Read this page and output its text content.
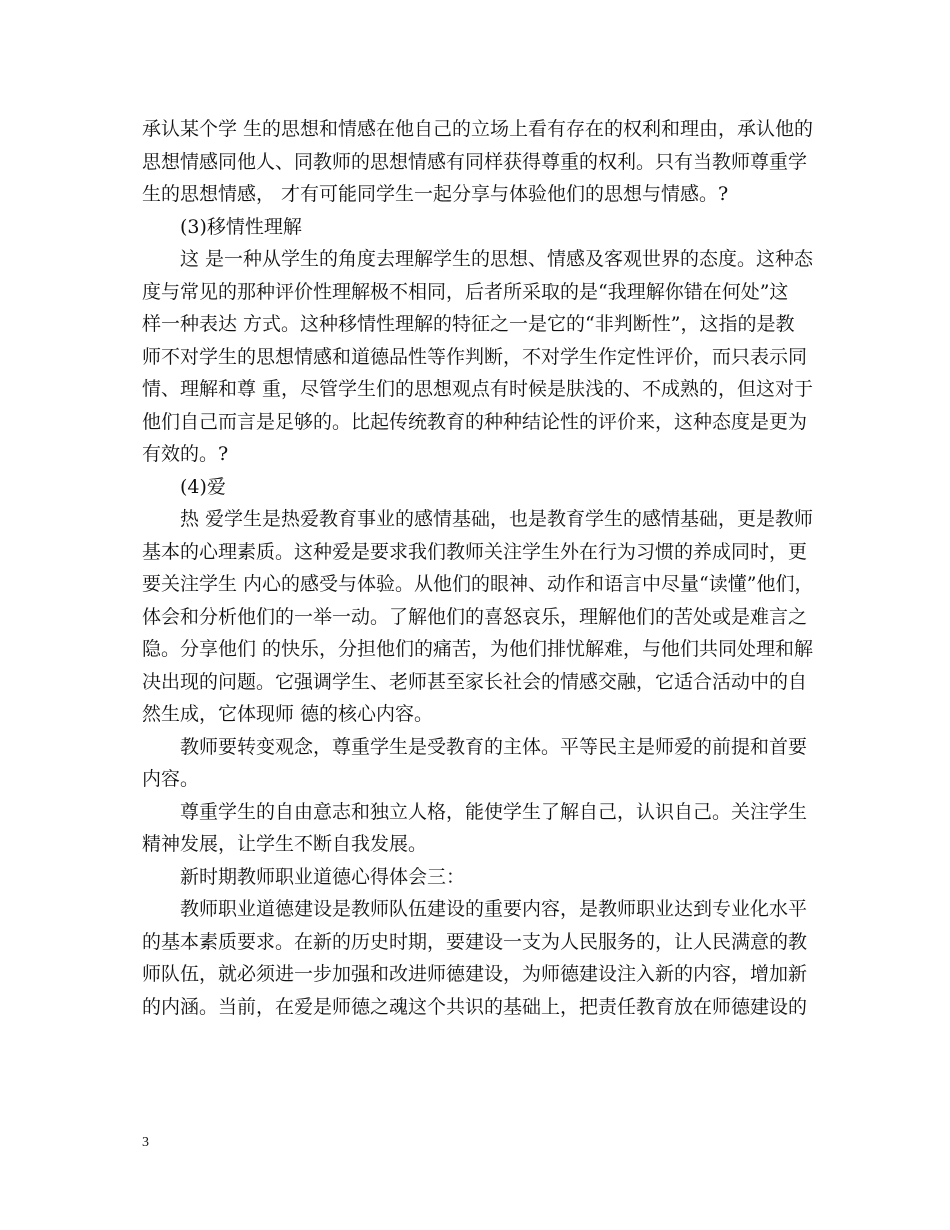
承认某个学 生的思想和情感在他自己的立场上看有存在的权利和理由，承认他的
思想情感同他人、同教师的思想情感有同样获得尊重的权利。只有当教师尊重学
生的思想情感， 才有可能同学生一起分享与体验他们的思想与情感。?
(3)移情性理解
这 是一种从学生的角度去理解学生的思想、情感及客观世界的态度。这种态
度与常见的那种评价性理解极不相同，后者所采取的是“我理解你错在何处”这
样一种表达 方式。这种移情性理解的特征之一是它的“非判断性”，这指的是教
师不对学生的思想情感和道德品性等作判断，不对学生作定性评价，而只表示同
情、理解和尊 重，尽管学生们的思想观点有时候是肤浅的、不成熟的，但这对于
他们自己而言是足够的。比起传统教育的种种结论性的评价来，这种态度是更为
有效的。?
(4)爱
热 爱学生是热爱教育事业的感情基础，也是教育学生的感情基础，更是教师
基本的心理素质。这种爱是要求我们教师关注学生外在行为习惯的养成同时，更
要关注学生 内心的感受与体验。从他们的眼神、动作和语言中尽量“读懂”他们，
体会和分析他们的一举一动。了解他们的喜怒哀乐，理解他们的苦处或是难言之
隐。分享他们 的快乐，分担他们的痛苦，为他们排忧解难，与他们共同处理和解
决出现的问题。它强调学生、老师甚至家长社会的情感交融，它适合活动中的自
然生成，它体现师 德的核心内容。
教师要转变观念，尊重学生是受教育的主体。平等民主是师爱的前提和首要
内容。
尊重学生的自由意志和独立人格，能使学生了解自己，认识自己。关注学生
精神发展，让学生不断自我发展。
新时期教师职业道德心得体会三：
教师职业道德建设是教师队伍建设的重要内容，是教师职业达到专业化水平
的基本素质要求。在新的历史时期，要建设一支为人民服务的，让人民满意的教
师队伍，就必须进一步加强和改进师德建设，为师德建设注入新的内容，增加新
的内涵。当前，在爱是师德之魂这个共识的基础上，把责任教育放在师德建设的
3
